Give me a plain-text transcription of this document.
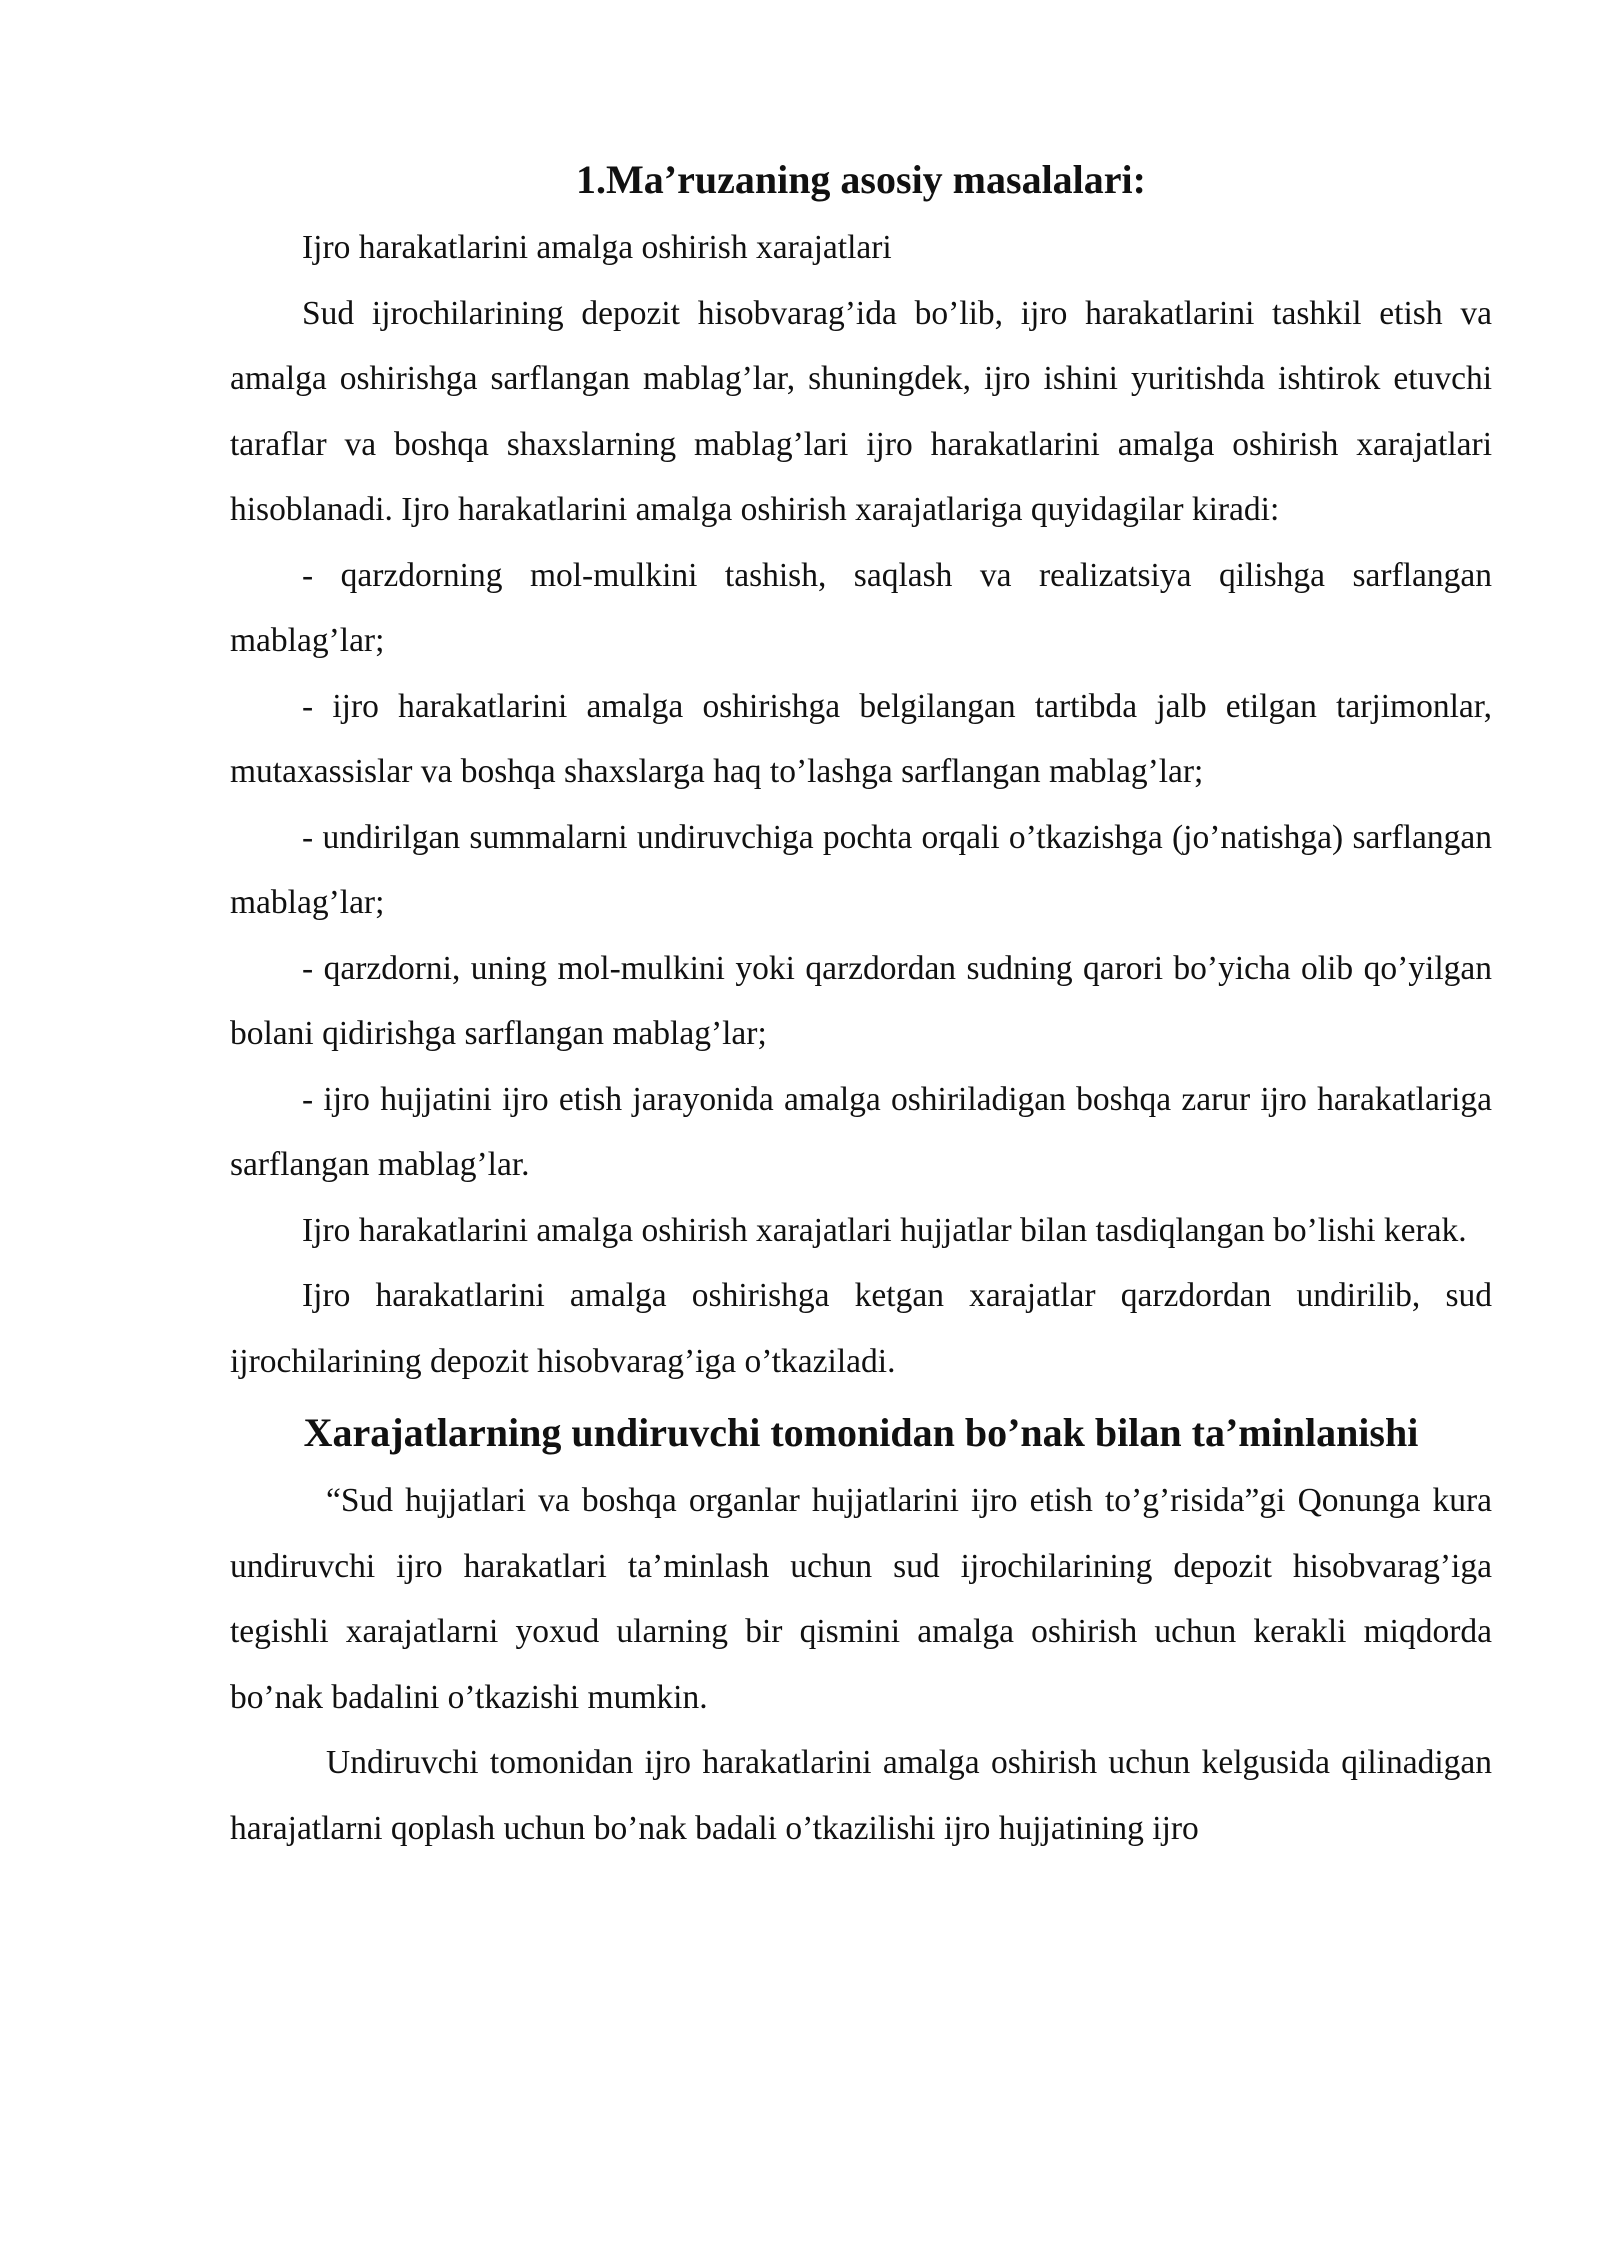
1.Ma’ruzaning asosiy masalalari:

Ijro harakatlarini amalga oshirish xarajatlari

Sud ijrochilarining depozit hisobvarag’ida bo’lib, ijro harakatlarini tashkil etish va amalga oshirishga sarflangan mablag’lar, shuningdek, ijro ishini yuritishda ishtirok etuvchi taraflar va boshqa shaxslarning mablag’lari ijro harakatlarini amalga oshirish xarajatlari hisoblanadi. Ijro harakatlarini amalga oshirish xarajatlariga quyidagilar kiradi:

- qarzdorning mol-mulkini tashish, saqlash va realizatsiya qilishga sarflangan mablag’lar;

- ijro harakatlarini amalga oshirishga belgilangan tartibda jalb etilgan tarjimonlar, mutaxassislar va boshqa shaxslarga haq to’lashga sarflangan mablag’lar;

- undirilgan summalarni undiruvchiga pochta orqali o’tkazishga (jo’natishga) sarflangan mablag’lar;

- qarzdorni, uning mol-mulkini yoki qarzdordan sudning qarori bo’yicha olib qo’yilgan bolani qidirishga sarflangan mablag’lar;

- ijro hujjatini ijro etish jarayonida amalga oshiriladigan boshqa zarur ijro harakatlariga sarflangan mablag’lar.

Ijro harakatlarini amalga oshirish xarajatlari hujjatlar bilan tasdiqlangan bo’lishi kerak.

Ijro harakatlarini amalga oshirishga ketgan xarajatlar qarzdordan undirilib, sud ijrochilarining depozit hisobvarag’iga o’tkaziladi.

Xarajatlarning undiruvchi tomonidan bo’nak bilan ta’minlanishi

“Sud hujjatlari va boshqa organlar hujjatlarini ijro etish to’g’risida”gi Qonunga kura undiruvchi ijro harakatlari ta’minlash uchun sud ijrochilarining depozit hisobvarag’iga tegishli xarajatlarni yoxud ularning bir qismini amalga oshirish uchun kerakli miqdorda bo’nak badalini o’tkazishi mumkin.

Undiruvchi tomonidan ijro harakatlarini amalga oshirish uchun kelgusida qilinadigan harajatlarni qoplash uchun bo’nak badali o’tkazilishi ijro hujjatining ijro
